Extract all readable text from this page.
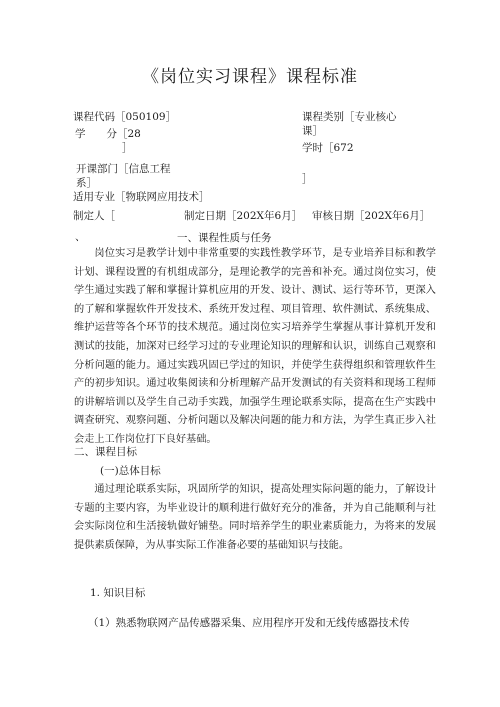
《岗位实习课程》课程标准
课程代码［050109］	课程类别［专业核心
课］
学　　分［28
］	学时［672
］
开课部门［信息工程
系］
适用专业［物联网应用技术］
制定人［	制定日期［202X年6月］ 审核日期［202X年6月］
、	一、课程性质与任务

岗位实习是教学计划中非常重要的实践性教学环节，是专业培养目标和教学计划、课程设置的有机组成部分，是理论教学的完善和补充。通过岗位实习，使学生通过实践了解和掌握计算机应用的开发、设计、测试、运行等环节，更深入的了解和掌握软件开发技术、系统开发过程、项目管理、软件测试、系统集成、维护运营等各个环节的技术规范。通过岗位实习培养学生掌握从事计算机开发和测试的技能，加深对已经学习过的专业理论知识的理解和认识，训练自己观察和分析问题的能力。通过实践巩固已学过的知识，并使学生获得组织和管理软件生产的初步知识。通过收集阅读和分析理解产品开发测试的有关资料和现场工程师的讲解培训以及学生自己动手实践，加强学生理论联系实际，提高在生产实践中调查研究、观察问题、分析问题以及解决问题的能力和方法，为学生真正步入社会走上工作岗位打下良好基础。

二、课程目标
(一)总体目标

通过理论联系实际，巩固所学的知识，提高处理实际问题的能力，了解设计专题的主要内容，为毕业设计的顺利进行做好充分的准备，并为自己能顺利与社会实际岗位和生活接轨做好铺垫。同时培养学生的职业素质能力，为将来的发展提供素质保障，为从事实际工作准备必要的基础知识与技能。

1. 知识目标
（1）熟悉物联网产品传感器采集、应用程序开发和无线传感器技术传
